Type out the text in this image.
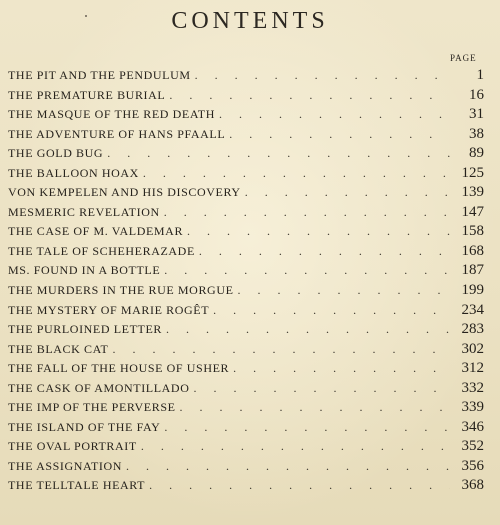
CONTENTS
PAGE
THE PIT AND THE PENDULUM . . .	1
THE PREMATURE BURIAL . . .	16
THE MASQUE OF THE RED DEATH . . .	31
THE ADVENTURE OF HANS PFAALL . . .	38
THE GOLD BUG . . .	89
THE BALLOON HOAX . . .	125
VON KEMPELEN AND HIS DISCOVERY . . .	139
MESMERIC REVELATION . . .	147
THE CASE OF M. VALDEMAR . . .	158
THE TALE OF SCHEHERAZADE . . .	168
MS. FOUND IN A BOTTLE . . .	187
THE MURDERS IN THE RUE MORGUE . . .	199
THE MYSTERY OF MARIE ROGÊT . . .	234
THE PURLOINED LETTER . . .	283
THE BLACK CAT . . .	302
THE FALL OF THE HOUSE OF USHER . . .	312
THE CASK OF AMONTILLADO . . .	332
THE IMP OF THE PERVERSE . . .	339
THE ISLAND OF THE FAY . . .	346
THE OVAL PORTRAIT . . .	352
THE ASSIGNATION . . .	356
THE TELLTALE HEART . . .	368
